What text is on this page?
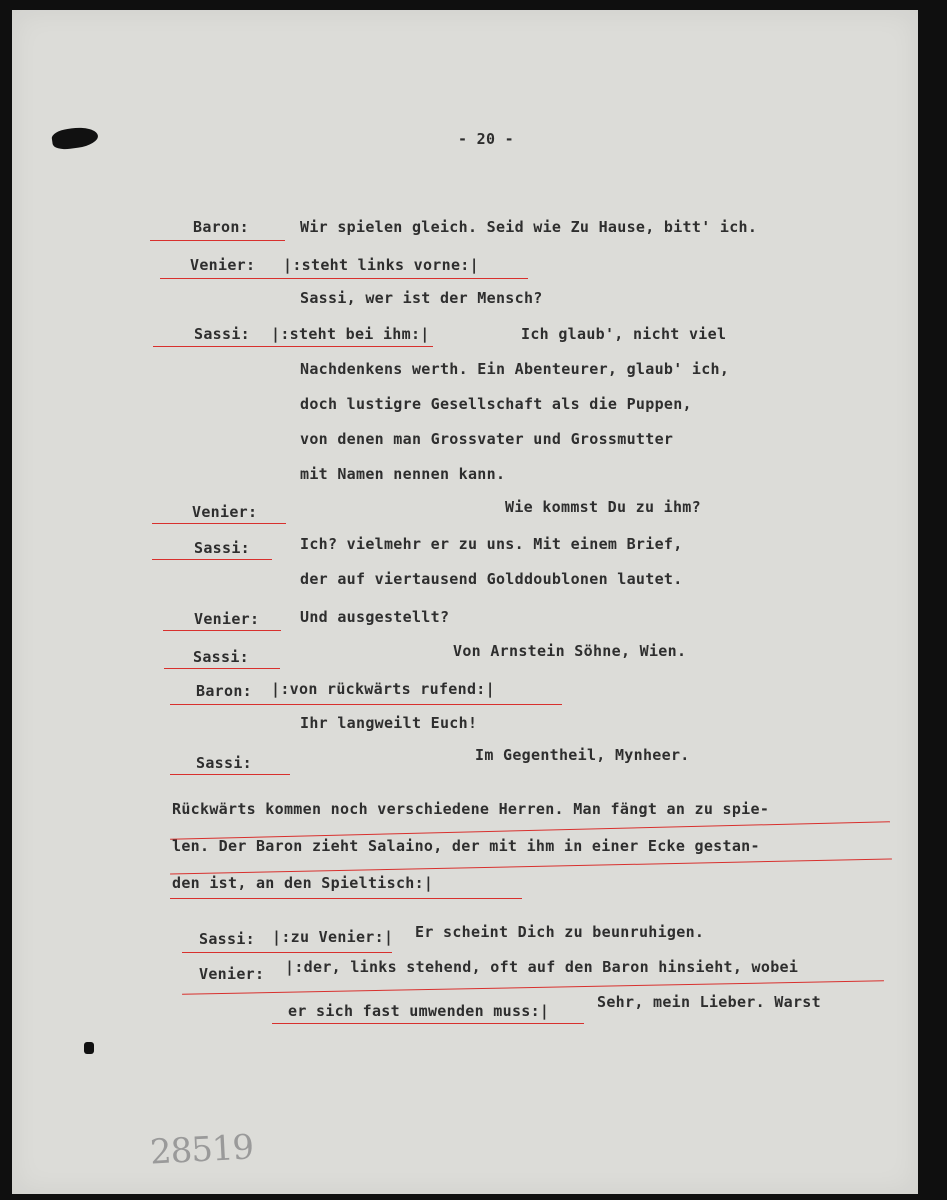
- 20 -
Baron:	Wir spielen gleich. Seid wie Zu Hause, bitt' ich.
Venier: |:steht links vorne:|
Sassi, wer ist der Mensch?
Sassi: |:steht bei ihm:|	Ich glaub', nicht viel
Nachdenkens werth. Ein Abenteurer, glaub' ich,
doch lustigre Gesellschaft als die Puppen,
von denen man Grossvater und Grossmutter
mit Namen nennen kann.
Venier:	Wie kommst Du zu ihm?
Sassi:	Ich? vielmehr er zu uns. Mit einem Brief,
der auf viertausend Golddoublonen lautet.
Venier:	Und ausgestellt?
Sassi:	Von Arnstein Söhne, Wien.
Baron: |:von rückwärts rufend:|
Ihr langweilt Euch!
Sassi:	Im Gegentheil, Mynheer.
Rückwärts kommen noch verschiedene Herren. Man fängt an zu spie-
len. Der Baron zieht Salaino, der mit ihm in einer Ecke gestan-
den ist, an den Spieltisch:|
Sassi: |:zu Venier:| Er scheint Dich zu beunruhigen.
Venier: |:der, links stehend, oft auf den Baron hinsieht, wobei
er sich fast umwenden muss:|	Sehr, mein Lieber. Warst
28519
